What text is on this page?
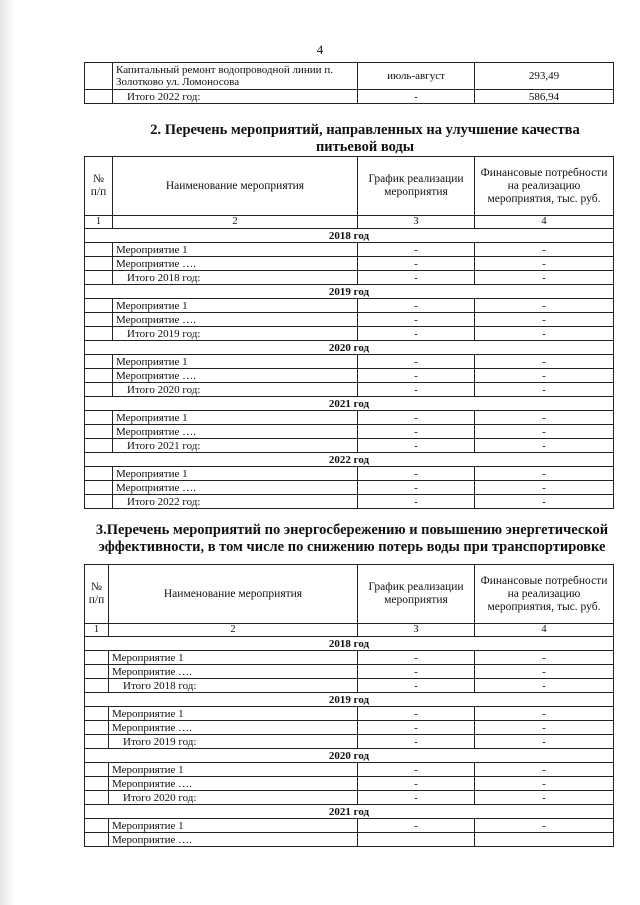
4
	Капитальный ремонт водопроводной линии п. Золотково ул. Ломоносова	июль-август	293,49
	Итого 2022 год:	-	586,94
2. Перечень мероприятий, направленных на улучшение качества питьевой воды
№ п/п	Наименование мероприятия	График реализации мероприятия	Финансовые потребности на реализацию мероприятия, тыс. руб.
1	2	3	4
2018 год			
	Мероприятие 1	-	-
	Мероприятие ….	-	-
	Итого 2018 год:	-	-
2019 год			
	Мероприятие 1	-	-
	Мероприятие ….	-	-
	Итого 2019 год:	-	-
2020 год			
	Мероприятие 1	-	-
	Мероприятие ….	-	-
	Итого 2020 год:	-	-
2021 год			
	Мероприятие 1	-	-
	Мероприятие ….	-	-
	Итого 2021 год:	-	-
2022 год			
	Мероприятие 1	-	-
	Мероприятие ….	-	-
	Итого 2022 год:	-	-
3.Перечень мероприятий по энергосбережению и повышению энергетической эффективности, в том числе по снижению потерь воды при транспортировке
№ п/п	Наименование мероприятия	График реализации мероприятия	Финансовые потребности на реализацию мероприятия, тыс. руб.
1	2	3	4
2018 год			
	Мероприятие 1	-	-
	Мероприятие ….	-	-
	Итого 2018 год:	-	-
2019 год			
	Мероприятие 1	-	-
	Мероприятие ….	-	-
	Итого 2019 год:	-	-
2020 год			
	Мероприятие 1	-	-
	Мероприятие ….	-	-
	Итого 2020 год:	-	-
2021 год			
	Мероприятие 1	-	-
	Мероприятие ….		
